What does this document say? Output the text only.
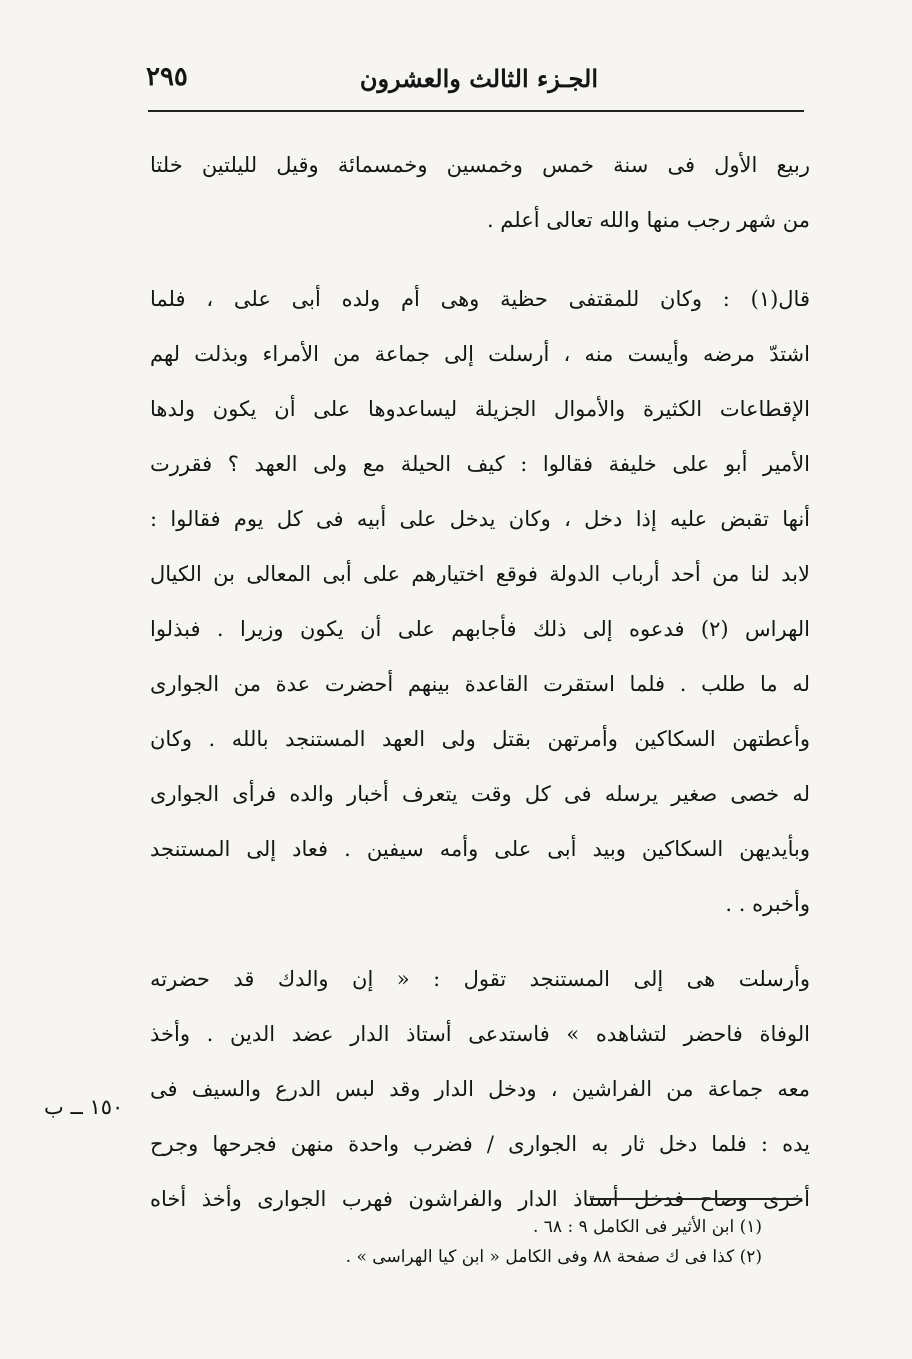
٢٩٥	الجـزء الثالث والعشرون
ربيع الأول فى سنة خمس وخمسين وخمسمائة وقيل لليلتين خلتا
من شهر رجب منها والله تعالى أعلم .
قال(١) : وكان للمقتفى حظية وهى أم ولده أبى على ، فلما
اشتدّ مرضه وأيست منه ، أرسلت إلى جماعة من الأمراء وبذلت لهم
الإقطاعات الكثيرة والأموال الجزيلة ليساعدوها على أن يكون ولدها
الأمير أبو على خليفة فقالوا : كيف الحيلة مع ولى العهد ؟ فقررت
أنها تقبض عليه إذا دخل ، وكان يدخل على أبيه فى كل يوم فقالوا :
لابد لنا من أحد أرباب الدولة فوقع اختيارهم على أبى المعالى بن الكيال
الهراس (٢) فدعوه إلى ذلك فأجابهم على أن يكون وزيرا . فبذلوا
له ما طلب . فلما استقرت القاعدة بينهم أحضرت عدة من الجوارى
وأعطتهن السكاكين وأمرتهن بقتل ولى العهد المستنجد بالله . وكان
له خصى صغير يرسله فى كل وقت يتعرف أخبار والده فرأى الجوارى
وبأيديهن السكاكين وبيد أبى على وأمه سيفين . فعاد إلى المستنجد
وأخبره . .
وأرسلت هى إلى المستنجد تقول : « إن والدك قد حضرته
الوفاة فاحضر لتشاهده » فاستدعى أستاذ الدار عضد الدين . وأخذ
معه جماعة من الفراشين ، ودخل الدار وقد لبس الدرع والسيف فى
يده : فلما دخل ثار به الجوارى / فضرب واحدة منهن فجرحها وجرح
أخرى وصاح فدخل أستاذ الدار والفراشون فهرب الجوارى وأخذ أخاه
١٥٠ ــ ب
(١) ابن الأثير فى الكامل ٩ : ٦٨ .
(٢) كذا فى ك صفحة ٨٨ وفى الكامل « ابن كيا الهراسى » .
